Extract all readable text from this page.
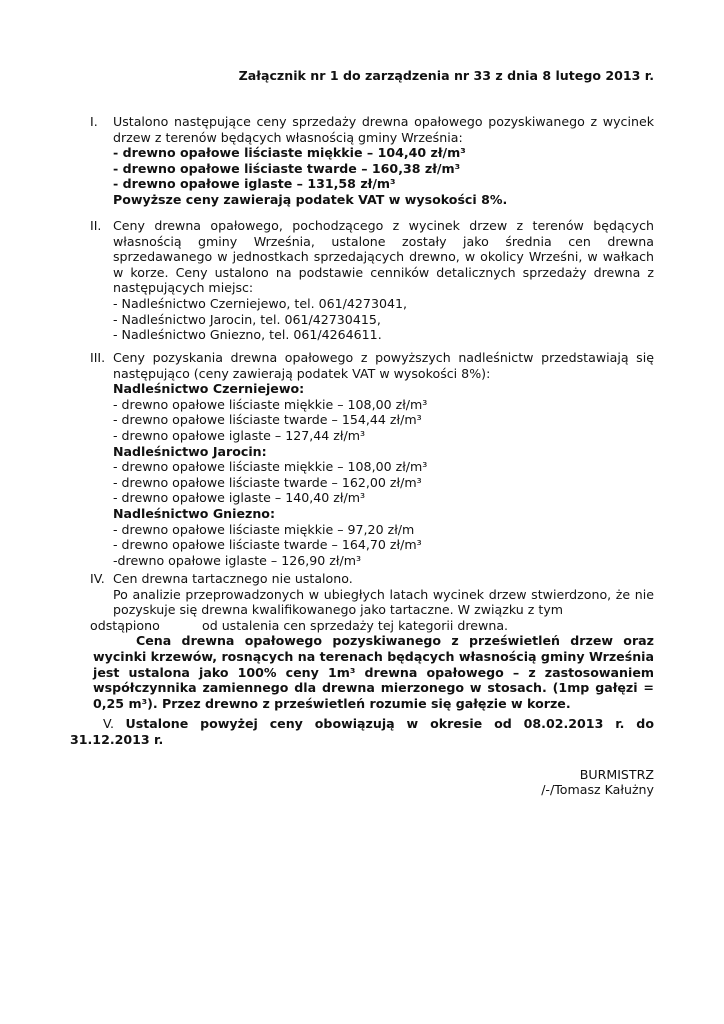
Załącznik nr 1 do zarządzenia nr 33 z dnia 8 lutego 2013 r.
I. Ustalono następujące ceny sprzedaży drewna opałowego pozyskiwanego z wycinek drzew z terenów będących własnością gminy Września:
- drewno opałowe liściaste miękkie – 104,40 zł/m³
- drewno opałowe liściaste twarde – 160,38 zł/m³
- drewno opałowe iglaste – 131,58 zł/m³
Powyższe ceny zawierają podatek VAT w wysokości 8%.
II. Ceny drewna opałowego, pochodzącego z wycinek drzew z terenów będących własnością gminy Września, ustalone zostały jako średnia cen drewna sprzedawanego w jednostkach sprzedających drewno, w okolicy Wrześni, w wałkach w korze. Ceny ustalono na podstawie cenników detalicznych sprzedaży drewna z następujących miejsc:
- Nadleśnictwo Czerniejewo, tel. 061/4273041,
- Nadleśnictwo Jarocin, tel. 061/42730415,
- Nadleśnictwo Gniezno, tel. 061/4264611.
III. Ceny pozyskania drewna opałowego z powyższych nadleśnictw przedstawiają się następująco (ceny zawierają podatek VAT w wysokości 8%):
Nadleśnictwo Czerniejewo:
- drewno opałowe liściaste miękkie – 108,00 zł/m³
- drewno opałowe liściaste twarde – 154,44 zł/m³
- drewno opałowe iglaste – 127,44 zł/m³
Nadleśnictwo Jarocin:
- drewno opałowe liściaste miękkie – 108,00 zł/m³
- drewno opałowe liściaste twarde – 162,00 zł/m³
- drewno opałowe iglaste – 140,40 zł/m³
Nadleśnictwo Gniezno:
- drewno opałowe liściaste miękkie – 97,20 zł/m
- drewno opałowe liściaste twarde – 164,70 zł/m³
-drewno opałowe iglaste – 126,90 zł/m³
IV. Cen drewna tartacznego nie ustalono.
Po analizie przeprowadzonych w ubiegłych latach wycinek drzew stwierdzono, że nie pozyskuje się drewna kwalifikowanego jako tartaczne. W związku z tym
odstąpiono	od ustalenia cen sprzedaży tej kategorii drewna.
Cena drewna opałowego pozyskiwanego z prześwietleń drzew oraz wycinki krzewów, rosnących na terenach będących własnością gminy Września jest ustalona jako 100% ceny 1m³ drewna opałowego – z zastosowaniem współczynnika zamiennego dla drewna mierzonego w stosach. (1mp gałęzi = 0,25 m³). Przez drewno z prześwietleń rozumie się gałęzie w korze.
V. Ustalone powyżej ceny obowiązują w okresie od 08.02.2013 r. do 31.12.2013 r.
BURMISTRZ
/-/Tomasz Kałużny
